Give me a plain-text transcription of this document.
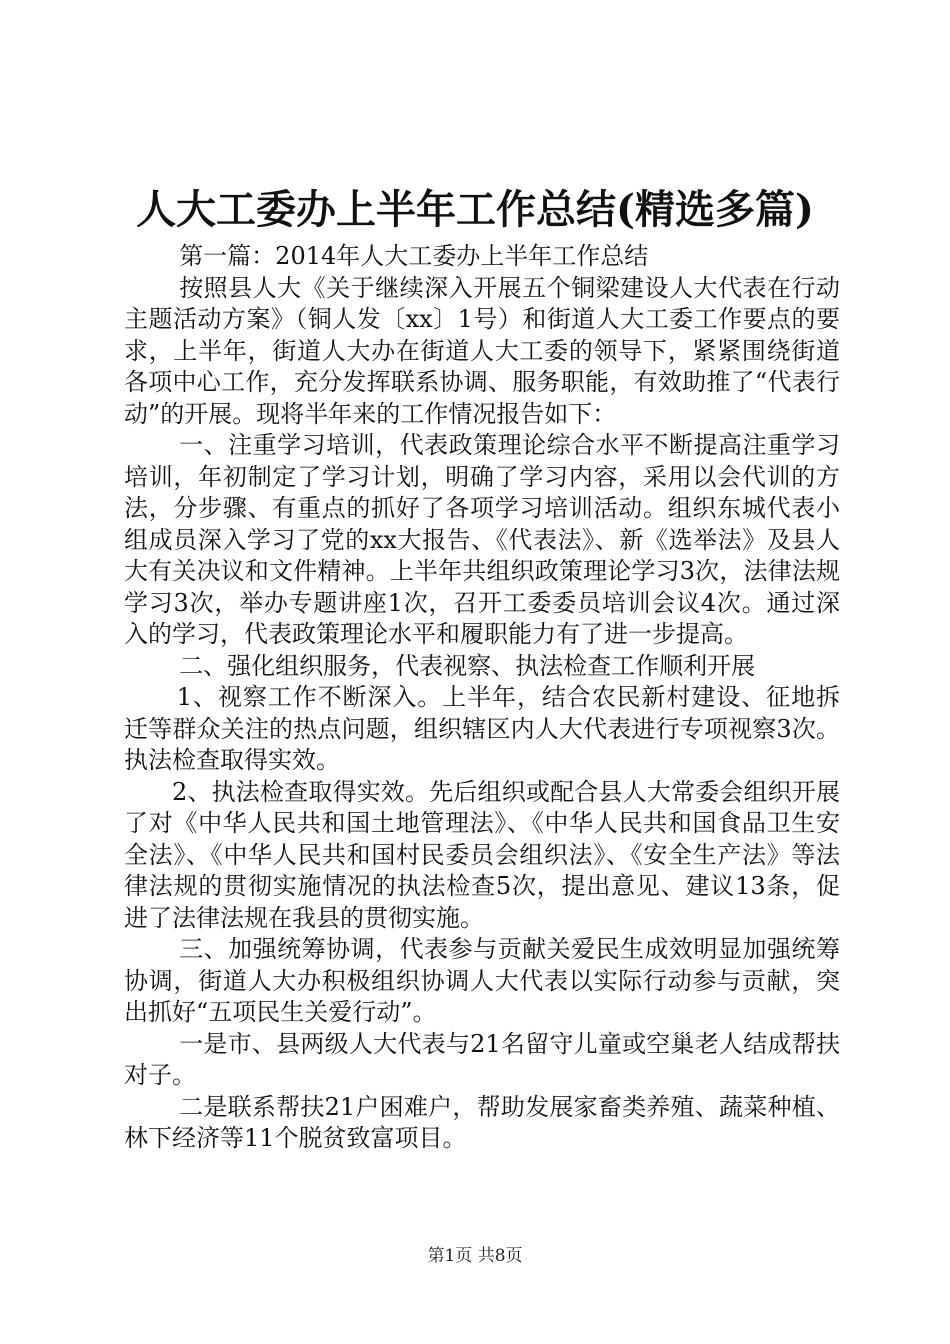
人大工委办上半年工作总结(精选多篇)

第一篇：2014年人大工委办上半年工作总结

按照县人大《关于继续深入开展五个铜梁建设人大代表在行动主题活动方案》（铜人发〔xx〕1号）和街道人大工委工作要点的要求，上半年，街道人大办在街道人大工委的领导下，紧紧围绕街道各项中心工作，充分发挥联系协调、服务职能，有效助推了“代表行动”的开展。现将半年来的工作情况报告如下：

一、注重学习培训，代表政策理论综合水平不断提高注重学习培训，年初制定了学习计划，明确了学习内容，采用以会代训的方法，分步骤、有重点的抓好了各项学习培训活动。组织东城代表小组成员深入学习了党的xx大报告、《代表法》、新《选举法》及县人大有关决议和文件精神。上半年共组织政策理论学习3次，法律法规学习3次，举办专题讲座1次，召开工委委员培训会议4次。通过深入的学习，代表政策理论水平和履职能力有了进一步提高。

二、强化组织服务，代表视察、执法检查工作顺利开展

1、视察工作不断深入。上半年，结合农民新村建设、征地拆迁等群众关注的热点问题，组织辖区内人大代表进行专项视察3次。执法检查取得实效。

2、执法检查取得实效。先后组织或配合县人大常委会组织开展了对《中华人民共和国土地管理法》、《中华人民共和国食品卫生安全法》、《中华人民共和国村民委员会组织法》、《安全生产法》等法律法规的贯彻实施情况的执法检查5次，提出意见、建议13条，促进了法律法规在我县的贯彻实施。

三、加强统筹协调，代表参与贡献关爱民生成效明显加强统筹协调，街道人大办积极组织协调人大代表以实际行动参与贡献，突出抓好“五项民生关爱行动”。

一是市、县两级人大代表与21名留守儿童或空巢老人结成帮扶对子。

二是联系帮扶21户困难户，帮助发展家畜类养殖、蔬菜种植、林下经济等11个脱贫致富项目。

第1页 共8页
